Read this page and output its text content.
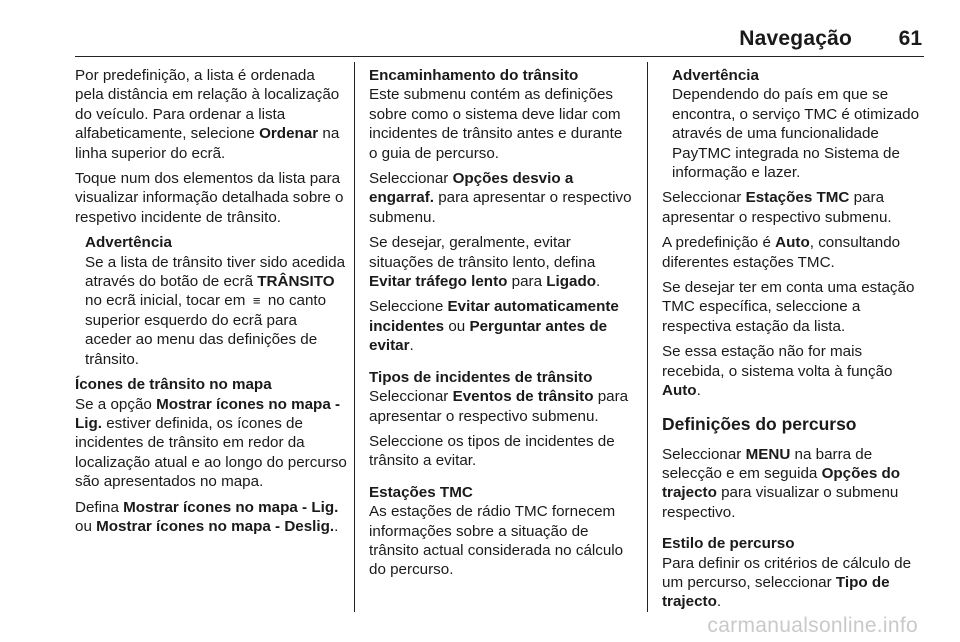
Navegação 61

Por predefinição, a lista é ordenada pela distância em relação à localização do veículo. Para ordenar a lista alfabeticamente, selecione Ordenar na linha superior do ecrã.

Toque num dos elementos da lista para visualizar informação detalhada sobre o respetivo incidente de trânsito.

Advertência
Se a lista de trânsito tiver sido acedida através do botão de ecrã TRÂNSITO no ecrã inicial, tocar em ≡ no canto superior esquerdo do ecrã para aceder ao menu das definições de trânsito.
Ícones de trânsito no mapa

Se a opção Mostrar ícones no mapa - Lig. estiver definida, os ícones de incidentes de trânsito em redor da localização atual e ao longo do percurso são apresentados no mapa.

Defina Mostrar ícones no mapa - Lig. ou Mostrar ícones no mapa - Deslig..

Encaminhamento do trânsito

Este submenu contém as definições sobre como o sistema deve lidar com incidentes de trânsito antes e durante o guia de percurso.

Seleccionar Opções desvio a engarraf. para apresentar o respectivo submenu.

Se desejar, geralmente, evitar situações de trânsito lento, defina Evitar tráfego lento para Ligado.

Seleccione Evitar automaticamente incidentes ou Perguntar antes de evitar.

Tipos de incidentes de trânsito

Seleccionar Eventos de trânsito para apresentar o respectivo submenu.

Seleccione os tipos de incidentes de trânsito a evitar.

Estações TMC

As estações de rádio TMC fornecem informações sobre a situação de trânsito actual considerada no cálculo do percurso.

Advertência
Dependendo do país em que se encontra, o serviço TMC é otimizado através de uma funcionalidade PayTMC integrada no Sistema de informação e lazer.

Seleccionar Estações TMC para apresentar o respectivo submenu.

A predefinição é Auto, consultando diferentes estações TMC.

Se desejar ter em conta uma estação TMC específica, seleccione a respectiva estação da lista.

Se essa estação não for mais recebida, o sistema volta à função Auto.

Definições do percurso

Seleccionar MENU na barra de selecção e em seguida Opções do trajecto para visualizar o submenu respectivo.

Estilo de percurso

Para definir os critérios de cálculo de um percurso, seleccionar Tipo de trajecto.

carmanualsonline.info
